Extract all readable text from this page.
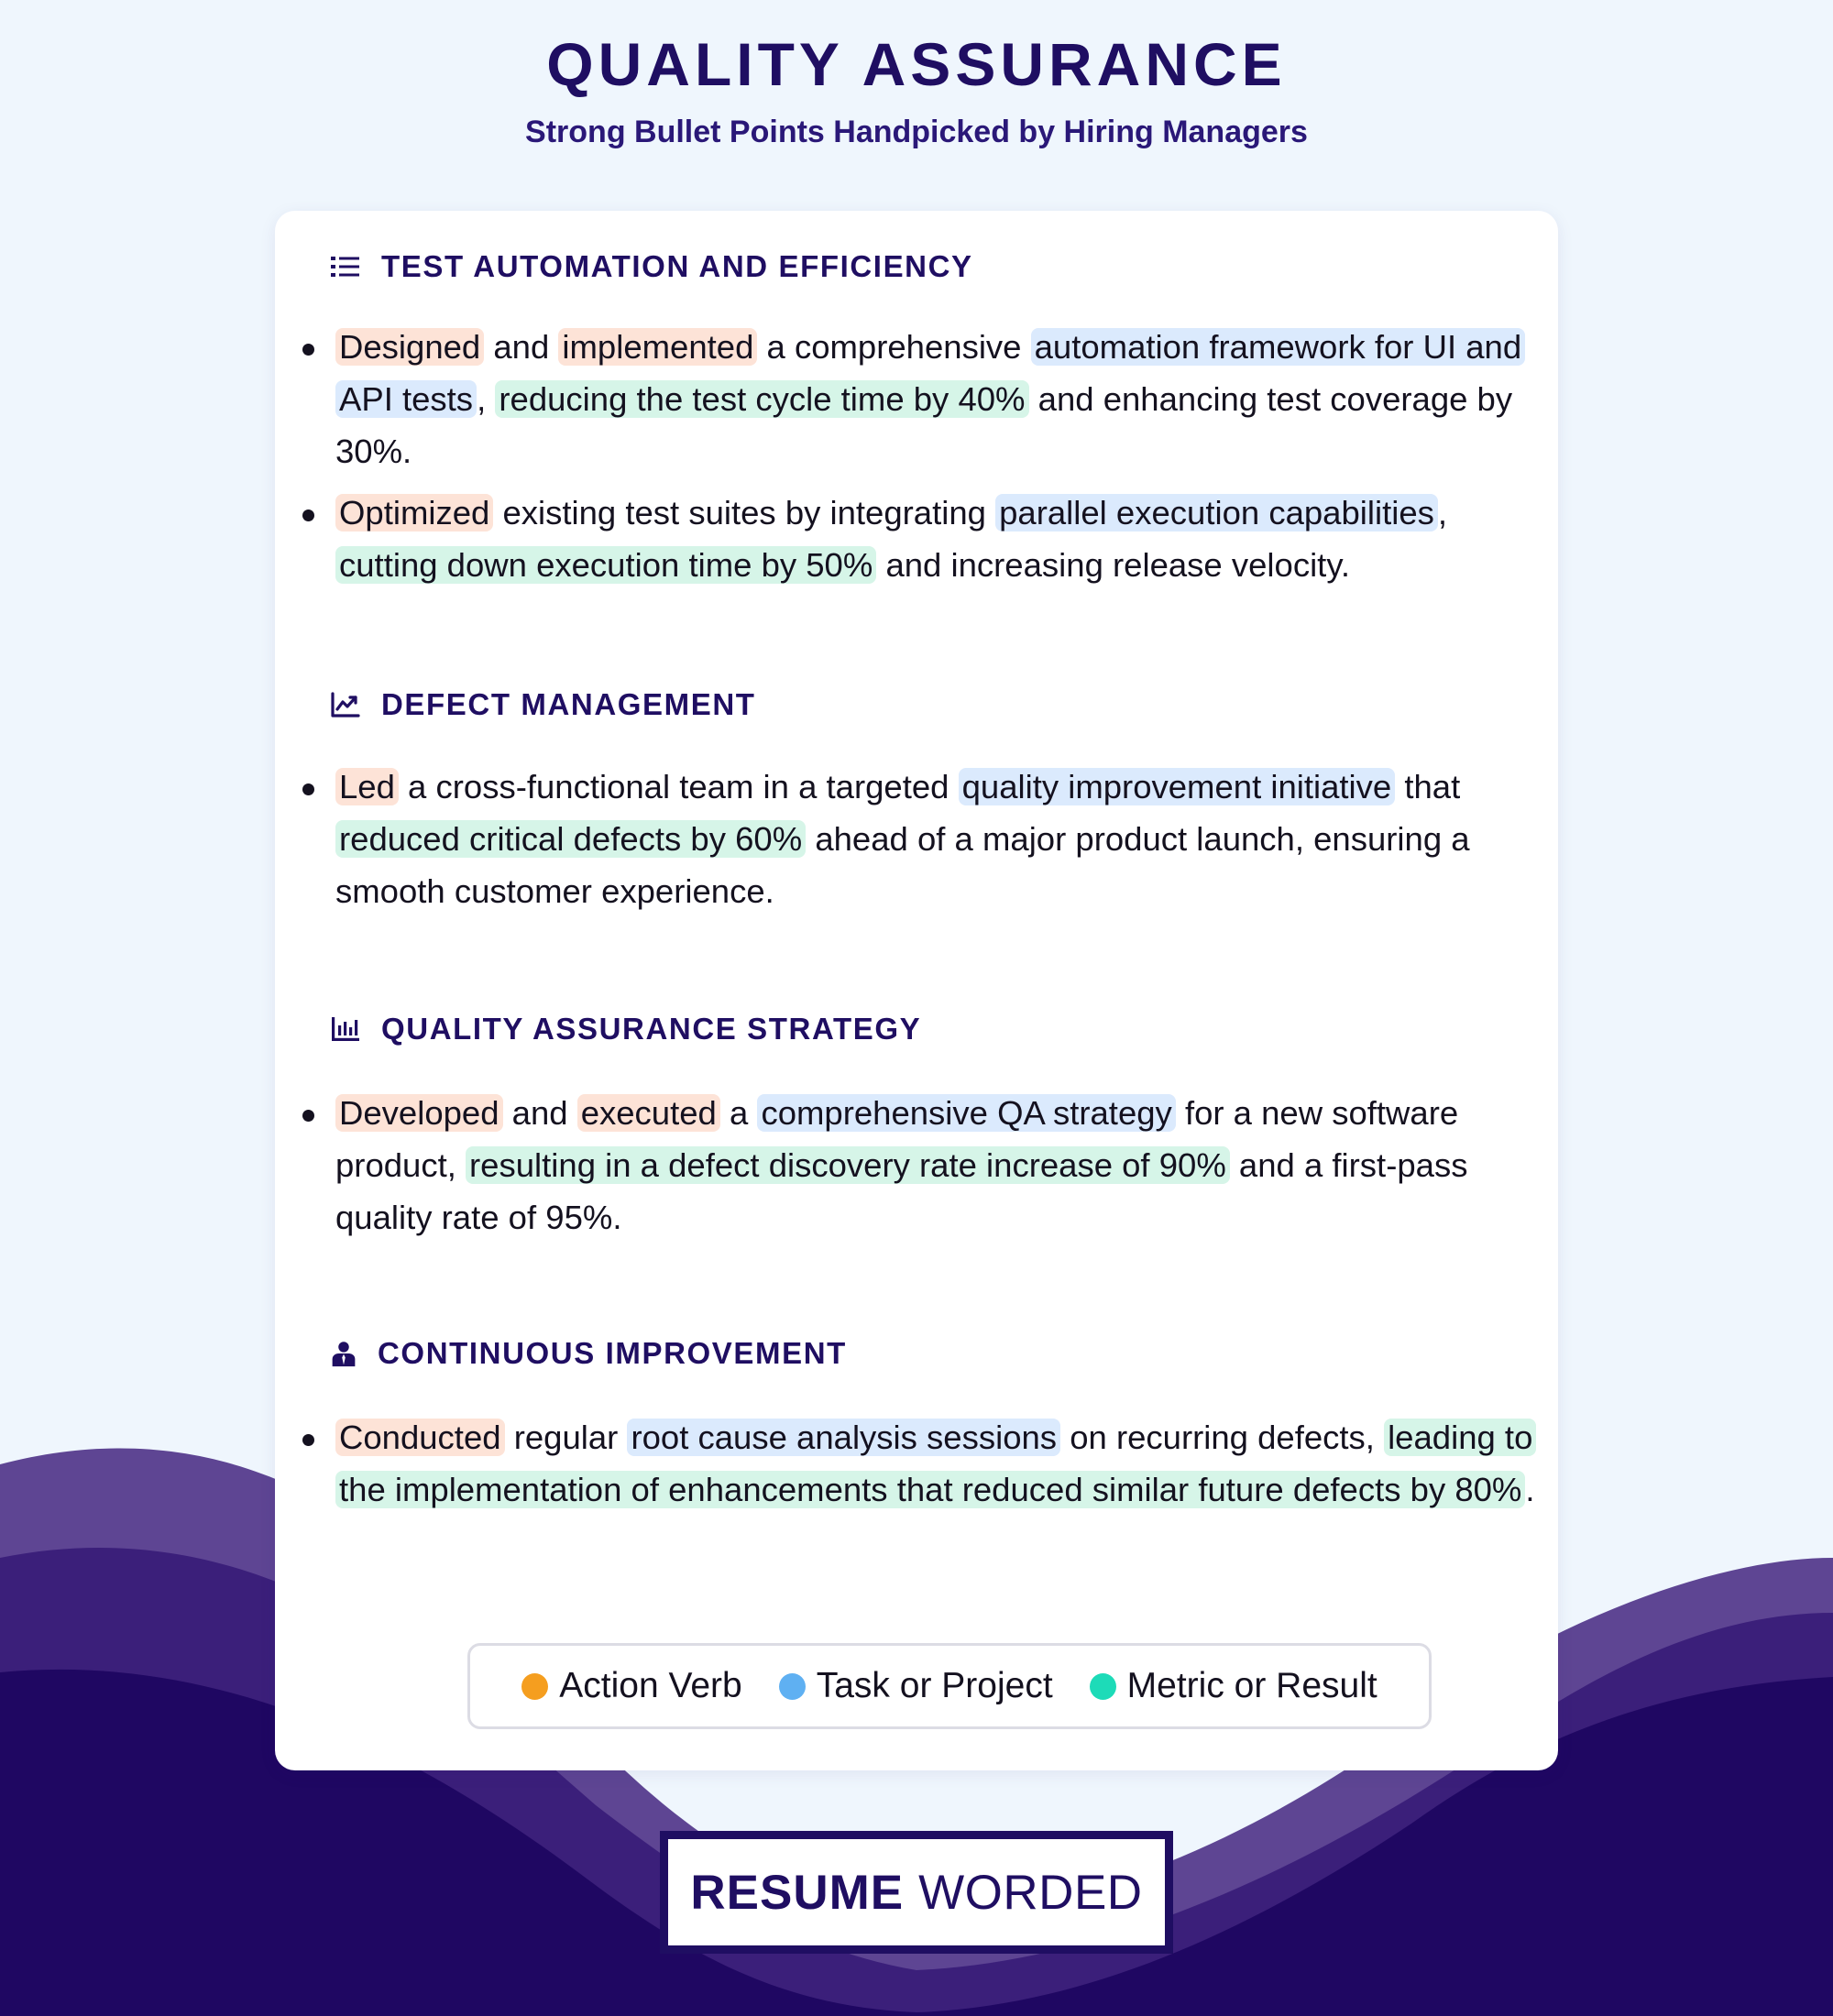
QUALITY ASSURANCE

Strong Bullet Points Handpicked by Hiring Managers

TEST AUTOMATION AND EFFICIENCY
Designed and implemented a comprehensive automation framework for UI and API tests , reducing the test cycle time by 40% and enhancing test coverage by 30%.
Optimized existing test suites by integrating parallel execution capabilities , cutting down execution time by 50% and increasing release velocity.
DEFECT MANAGEMENT
Led a cross-functional team in a targeted quality improvement initiative that reduced critical defects by 60% ahead of a major product launch, ensuring a smooth customer experience.
QUALITY ASSURANCE STRATEGY
Developed and executed a comprehensive QA strategy for a new software product, resulting in a defect discovery rate increase of 90% and a first-pass quality rate of 95%.
CONTINUOUS IMPROVEMENT
Conducted regular root cause analysis sessions on recurring defects, leading to the implementation of enhancements that reduced similar future defects by 80% .
Action Verb Task or Project Metric or Result
RESUME WORDED
